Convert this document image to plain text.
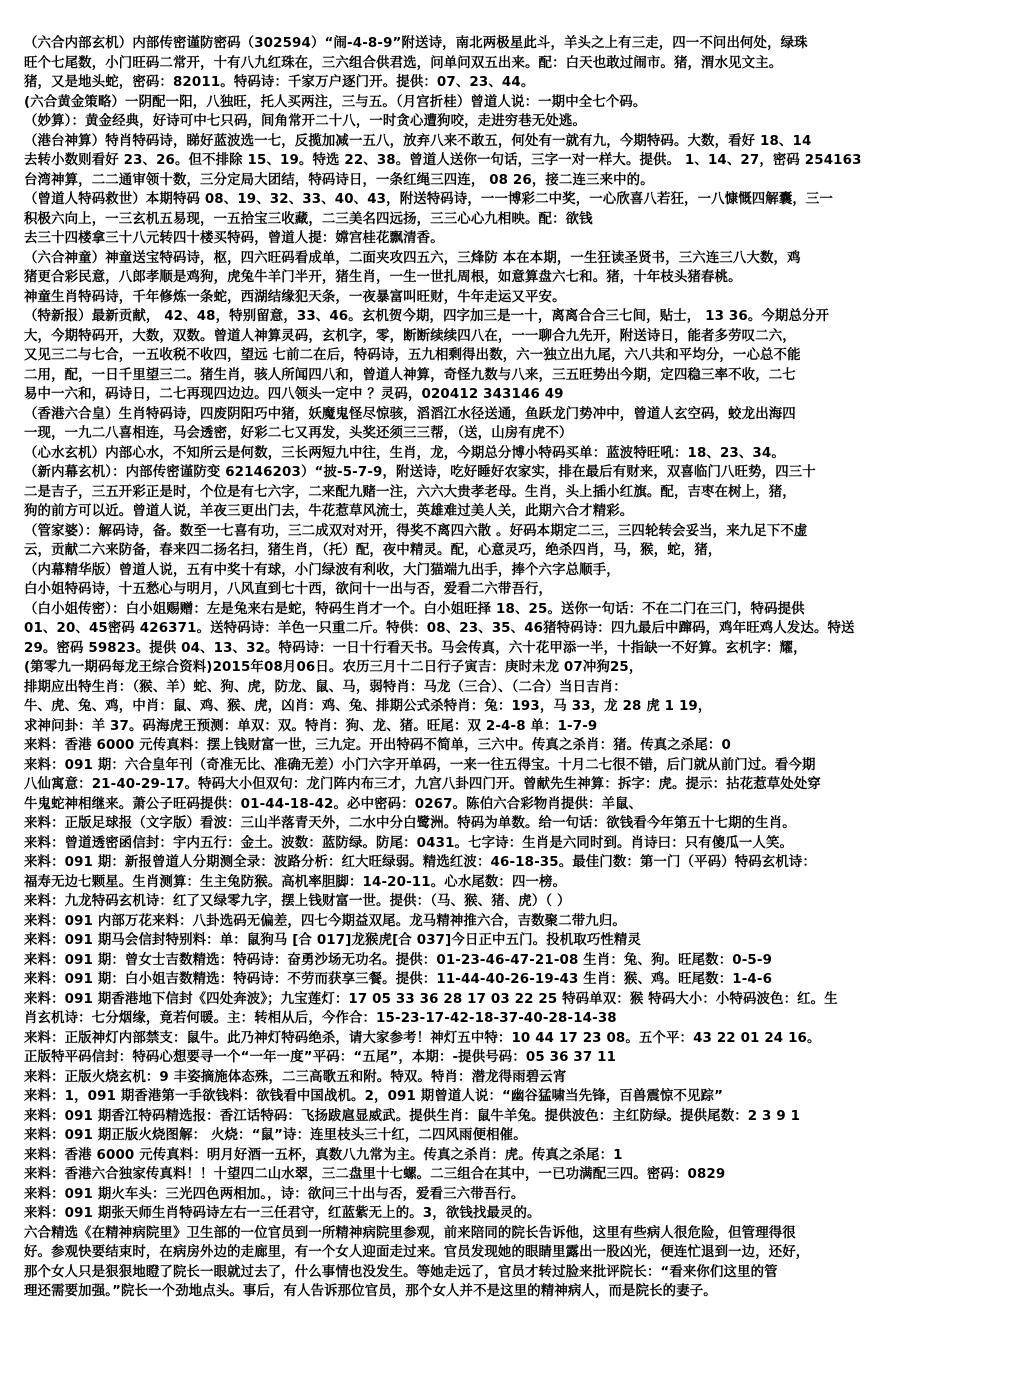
（六合内部玄机）内部传密谨防密码（302594）“闹-4-8-9”附送诗，南北两极星此斗，羊头之上有三走，四一不问出何处，绿珠
旺个七尾数，小门旺码二常开，十有八九红珠在，三六组合供君选，问单问双五出来。配：白天也敢过闹市。猪，渭水见文主。
猪，又是地头蛇，密码：82011。特码诗：千家万户逐门开。提供：07、23、44。
(六合黄金策略）一阴配一阳，八独旺，托人买两注，三与五。（月宫折桂）曾道人说：一期中全七个码。
（妙算）：黄金经典，好诗可中七只码，间角常开二十八，一时贪心遭狗咬，走进穷巷无处逃。
（港台神算）特肖特码诗，睇好蓝波选一七，反揽加减一五八，放弃八来不敢五，何处有一就有九，今期特码。大数，看好 18、14
去转小数则看好 23、26。但不排除 15、19。特选 22、38。曾道人送你一句话，三字一对一样大。提供。 1、14、27，密码 254163
台湾神算，二二通审领十数，三分定局大团结，特码诗日，一条红绳三四连， 08 26，接二连三来中的。
（曾道人特码救世）本期特码 08、19、32、33、40、43，附送特码诗，一一博彩二中奖，一心欣喜八若狂，一八慷慨四解囊，三一
积极六向上，一三玄机五易现，一五拾宝三收藏，二三美名四远扬，三三心心九相映。配：欲钱
去三十四楼拿三十八元转四十楼买特码，曾道人提：嫦宫桂花飘清香。
（六合神童）神童送宝特码诗，枢，四六旺码看成单，二面夹攻四五六，三烽防 本在本期，一生狂读圣贤书，三六连三八大数，鸡
猪更合彩民意，八郎孝顺是鸡狗，虎兔牛羊门半开，猪生肖，一生一世扎周根，如意算盘六七和。猪，十年枝头猪春桃。
神童生肖特码诗，千年修炼一条蛇，西湖结缘犯天条，一夜暴富叫旺财，牛年走运又平安。
（特新报）最新贡献， 42、48，特别留意，33、46。玄机贺今期，四字加三是一十，离离合合三七间，贴士， 13 36。今期总分开
大，今期特码开，大数，双数。曾道人神算灵码，玄机字，零，断断续续四八在，一一聊合九先开，附送诗日，能者多劳叹二六，
又见三二与七合，一五收税不收四，望远 七前二在后，特码诗，五九相剩得出数，六一独立出九尾，六八共和平均分，一心总不能
二用，配，一日千里望三二。猪生肖，骇人所闻四八和，曾道人神算，奇怪九数与八来，三五旺势出今期，定四稳三率不收，二七
易中一六和，码诗日，二七再现四边边。四八领头一定中 ？灵码，020412 343146 49
（香港六合皇）生肖特码诗，四废阴阳巧中猪，妖魔鬼怪尽惊骇，滔滔江水径送通，鱼跃龙门势冲中，曾道人玄空码，蛟龙出海四
一现，一九二八喜相连，马会透密，好彩二七又再发，头奖还须三三帮，（送，山房有虎不）
（心水玄机）内部心水，不知所云是何数，三长两短九中往，生肖，龙，今期总分博小特码买单：蓝波特旺吼：18、23、34。
（新内幕玄机）：内部传密谨防变 62146203）“披-5-7-9，附送诗，吃好睡好农家实，排在最后有财来，双喜临门八旺势，四三十
二是吉子，三五开彩正是时，个位是有七六字，二来配九赌一注，六六大贵孝老母。生肖，头上插小红旗。配，吉枣在树上，猪，
狗的前方可以近。曾道人说，羊夜三更出门去，牛花惹草风流士，英雄难过美人关，此期六合才精彩。
（管家婆）：解码诗，备。数至一七喜有功，三二成双对对开，得奖不离四六散 。好码本期定二三，三四轮转会妥当，来九足下不虚
云，贡献二六来防备，春来四二扬名扫，猪生肖，（托）配，夜中精灵。配，心意灵巧，绝杀四肖，马，猴，蛇，猪，
（内幕精华版）曾道人说，五有中奖十有球，小门绿波有利收，大门猫端九出手，捧个六字总顺手，
白小姐特码诗，十五愁心与明月，八风直到七十西，欲问十一出与否，爱看二六带吾行，
（白小姐传密）：白小姐赐赠：左是兔来右是蛇，特码生肖才一个。白小姐旺择 18、25。送你一句话：不在二门在三门，特码提供
01、20、45密码 426371。送特码诗：羊色一只重二斤。特供：08、23、35、46猪特码诗：四九最后中蹿码，鸡年旺鸡人发达。特送
29。密码 59823。提供 04、13、32。特码诗：一日十行看天书。马会传真，六十花甲添一半，十指缺一不好算。玄机字：耀，
(第零九一期码每龙王综合资料)2015年08月06日。农历三月十二日行子寅吉：庚时未龙 07冲狗25，
排期应出特生肖：（猴、羊）蛇、狗、虎，防龙、鼠、马，弱特肖：马龙（三合）、（二合）当日吉肖：
牛、虎、兔、鸡，中肖：鼠、鸡、猴、虎，凶肖：鸡、兔、排期公式杀特肖：兔：193，马 33，龙 28 虎 1 19，
求神问卦：羊 37。码海虎王预测：单双：双。特肖：狗、龙、猪。旺尾：双 2-4-8 单：1-7-9
来料：香港 6000 元传真料：摆上钱财富一世，三九定。开出特码不简单，三六中。传真之杀肖：猪。传真之杀尾：0
来料：091 期：六合皇年刊（奇准无比、准确无差）小门六字开单码，一来一往五得宝。十月二七很不错，后门就从前门过。看今期
八仙寓意：21-40-29-17。特码大小但双句：龙门阵内布三才，九宫八卦四门开。曾献先生神算：拆字：虎。提示：拈花惹草处处穿
牛鬼蛇神相继来。萧公子旺码提供：01-44-18-42。必中密码：0267。陈伯六合彩物肖提供：羊鼠、
来料：正版足球报（文字版）看波：三山半落青天外，二水中分白鹭洲。特码为单数。给一句话：欲钱看今年第五十七期的生肖。
来料：曾道透密函信封：宇内五行：金土。波数：蓝防绿。防尾：0431。七字诗：生肖是六同时到。肖诗曰：只有傻瓜一人笑。
来料：091 期：新报曾道人分期测全录：波路分析：红大旺绿弱。精选红波：46-18-35。最佳门数：第一门（平码）特码玄机诗：
福寿无边七颗星。生肖测算：生主兔防猴。高机率胆脚：14-20-11。心水尾数：四一榜。
来料：九龙特码玄机诗：红了又绿零九字，摆上钱财富一世。提供：（马、猴、猪、虎）（ ）
来料：091 内部万花来料：八卦选码无偏差，四七今期益双尾。龙马精神推六合，吉数聚二带九归。
来料：091 期马会信封特别料：单：鼠狗马 [合 017]龙猴虎[合 037]今日正中五门。投机取巧性精灵
来料：091 期：曾女士吉数精选：特码诗：奋勇沙场无功名。提供：01-23-46-47-21-08 生肖：兔、狗。旺尾数：0-5-9
来料：091 期：白小姐吉数精选：特码诗：不劳而获享三餐。提供：11-44-40-26-19-43 生肖：猴、鸡。旺尾数：1-4-6
来料：091 期香港地下信封《四处奔波》；九宝莲灯：17 05 33 36 28 17 03 22 25 特码单双：猴 特码大小：小特码波色：红。生
肖玄机诗：七分烟缘，竟若何暖。主：转相从后，今作合：15-23-17-42-18-37-40-28-14-38
来料：正版神灯内部禁支：鼠牛。此乃神灯特码绝杀，请大家参考！神灯五中特：10 44 17 23 08。五个平：43 22 01 24 16。
正版特平码信封：特码心想要寻一个“一年一度”平码：“五尾”，本期：-提供号码：05 36 37 11
来料：正版火烧玄机：9 丰姿摘施体态殊，二三高歌五和附。特双。特肖：潜龙得雨碧云宵
来料：1，091 期香港第一手欲钱料：欲钱看中国战机。2，091 期曾道人说：“幽谷猛啸当先锋，百兽震惊不见踪”
来料：091 期香江特码精选报：香江话特码：飞扬跋扈显威武。提供生肖：鼠牛羊兔。提供波色：主红防绿。提供尾数：2 3 9 1
来料：091 期正版火烧图解： 火烧：“鼠”诗：连里枝头三十红，二四风雨便相催。
来料：香港 6000 元传真料：明月好酒一五杯，真数八九常为主。传真之杀肖：虎。传真之杀尾：1
来料：香港六合独家传真料！！十望四二山水翠，三二盘里十七螺。二三组合在其中，一已功满配三四。密码：0829
来料：091 期火车头：三光四色两相加。，诗：欲问三十出与否，爱看三六带吾行。
来料：091 期张天师生肖特码诗左右一三任君守，红蓝紫无上的。3，欲钱找最灵的。
六合精选《在精神病院里》卫生部的一位官员到一所精神病院里参观，前来陪同的院长告诉他，这里有些病人很危险，但管理得很
好。参观快要结束时，在病房外边的走廊里，有一个女人迎面走过来。官员发现她的眼睛里露出一股凶光，便连忙退到一边，还好，
那个女人只是狠狠地瞪了院长一眼就过去了，什么事情也没发生。等她走远了，官员才转过脸来批评院长：“看来你们这里的管
理还需要加强。”院长一个劲地点头。事后，有人告诉那位官员，那个女人并不是这里的精神病人，而是院长的妻子。
